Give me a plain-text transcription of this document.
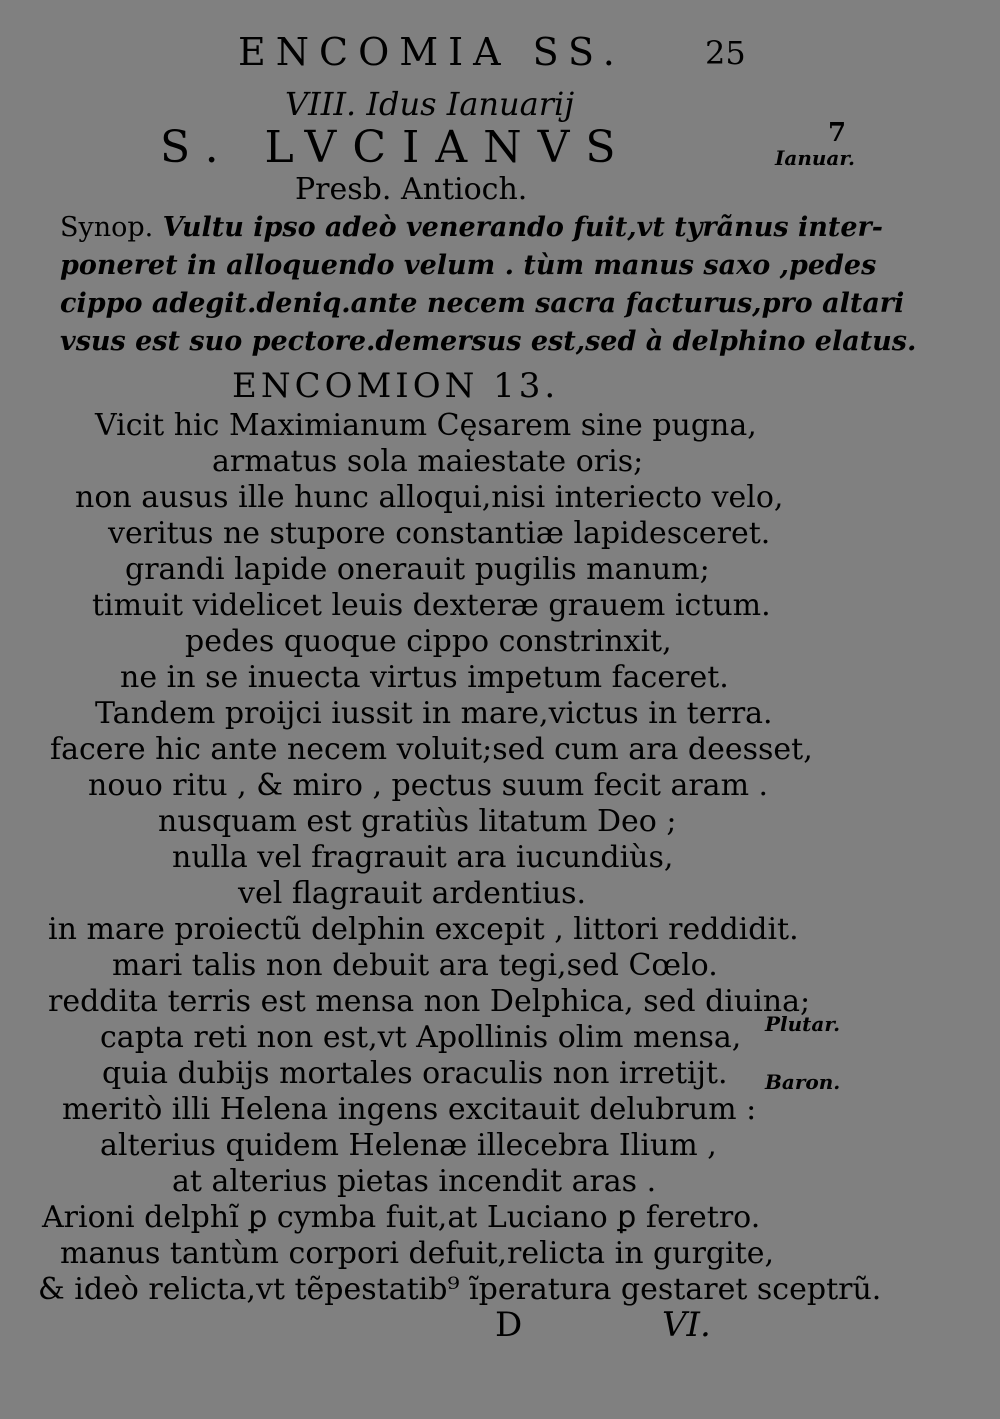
ENCOMIA SS.	25
VIII. Idus Ianuarij
S. LVCIANVS
Presb. Antioch.
Synop. Vultu ipso adeò venerando fuit,vt tyrãnus inter-
poneret in alloquendo velum . tùm manus saxo ,pedes
cippo adegit.deniq.ante necem sacra facturus,pro altari
vsus est suo pectore.demersus est,sed à delphino elatus.
ENCOMION 13.
Vicit hic Maximianum Cęsarem sine pugna,
armatus sola maiestate oris;
non ausus ille hunc alloqui,nisi interiecto velo,
veritus ne stupore constantiæ lapidesceret.
grandi lapide onerauit pugilis manum;
timuit videlicet leuis dexteræ grauem ictum.
pedes quoque cippo constrinxit,
ne in se inuecta virtus impetum faceret.
Tandem proijci iussit in mare,victus in terra.
facere hic ante necem voluit;sed cum ara deesset,
nouo ritu , & miro , pectus suum fecit aram .
nusquam est gratiùs litatum Deo ;
nulla vel fragrauit ara iucundiùs,
vel flagrauit ardentius.
in mare proiectũ delphin excepit , littori reddidit.
mari talis non debuit ara tegi,sed Cœlo.
reddita terris est mensa non Delphica, sed diuina;
capta reti non est,vt Apollinis olim mensa,
quia dubijs mortales oraculis non irretijt.
meritò illi Helena ingens excitauit delubrum :
alterius quidem Helenæ illecebra Ilium ,
at alterius pietas incendit aras .
Arioni delphĩ ꝑ cymba fuit,at Luciano ꝑ feretro.
manus tantùm corpori defuit,relicta in gurgite,
& ideò relicta,vt tẽpestatib⁹ ĩperatura gestaret sceptrũ.
7
Ianuar.
Plutar.
Baron.
D	VI.
